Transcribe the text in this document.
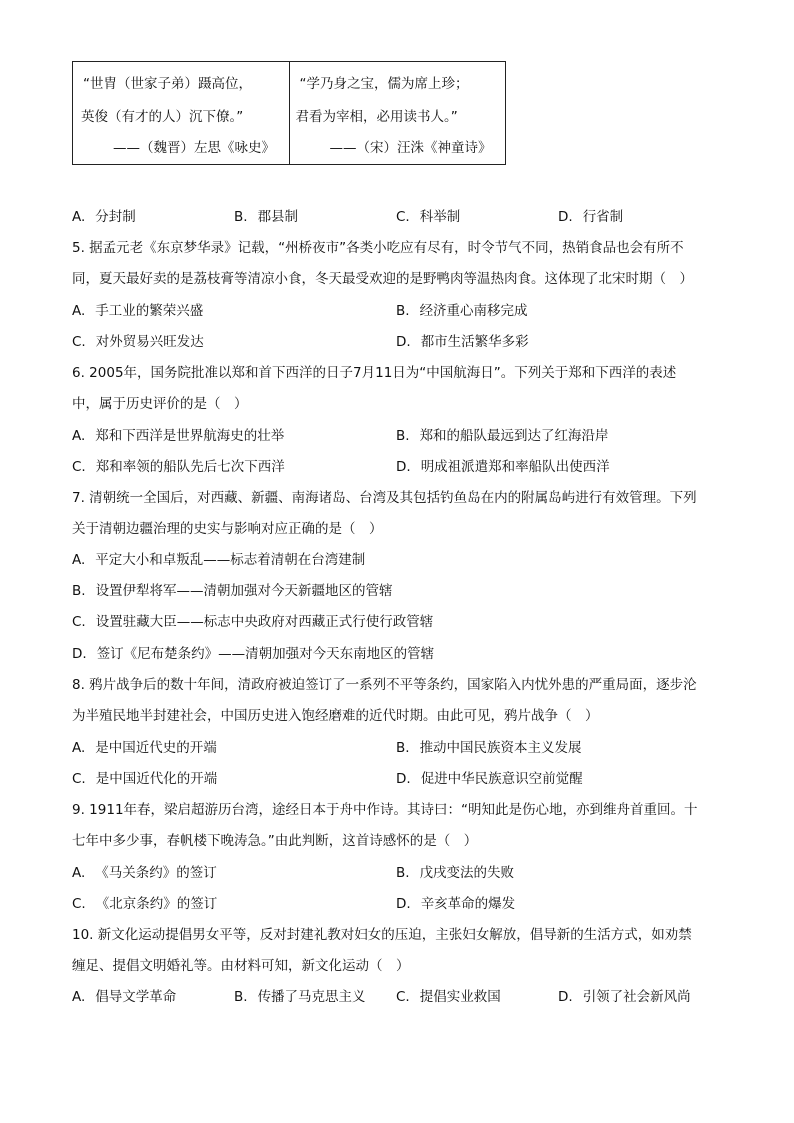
“世胄（世家子弟）蹑高位，
英俊（有才的人）沉下僚。”
——（魏晋）左思《咏史》
“学乃身之宝，儒为席上珍；
君看为宰相，必用读书人。”
——（宋）汪洙《神童诗》
A. 分封制	B. 郡县制	C. 科举制	D. 行省制
5. 据孟元老《东京梦华录》记载，“州桥夜市”各类小吃应有尽有，时令节气不同，热销食品也会有所不
同，夏天最好卖的是荔枝膏等清凉小食，冬天最受欢迎的是野鸭肉等温热肉食。这体现了北宋时期（　）
A. 手工业的繁荣兴盛	B. 经济重心南移完成
C. 对外贸易兴旺发达	D. 都市生活繁华多彩
6. 2005年，国务院批准以郑和首下西洋的日子7月11日为“中国航海日”。下列关于郑和下西洋的表述
中，属于历史评价的是（　）
A. 郑和下西洋是世界航海史的壮举	B. 郑和的船队最远到达了红海沿岸
C. 郑和率领的船队先后七次下西洋	D. 明成祖派遣郑和率船队出使西洋
7. 清朝统一全国后，对西藏、新疆、南海诸岛、台湾及其包括钓鱼岛在内的附属岛屿进行有效管理。下列
关于清朝边疆治理的史实与影响对应正确的是（　）
A. 平定大小和卓叛乱——标志着清朝在台湾建制
B. 设置伊犁将军——清朝加强对今天新疆地区的管辖
C. 设置驻藏大臣——标志中央政府对西藏正式行使行政管辖
D. 签订《尼布楚条约》——清朝加强对今天东南地区的管辖
8. 鸦片战争后的数十年间，清政府被迫签订了一系列不平等条约，国家陷入内忧外患的严重局面，逐步沦
为半殖民地半封建社会，中国历史进入饱经磨难的近代时期。由此可见，鸦片战争（　）
A. 是中国近代史的开端	B. 推动中国民族资本主义发展
C. 是中国近代化的开端	D. 促进中华民族意识空前觉醒
9. 1911年春，梁启超游历台湾，途经日本于舟中作诗。其诗曰：“明知此是伤心地，亦到维舟首重回。十
七年中多少事，春帆楼下晚涛急。”由此判断，这首诗感怀的是（　）
A. 《马关条约》的签订	B. 戊戌变法的失败
C. 《北京条约》的签订	D. 辛亥革命的爆发
10. 新文化运动提倡男女平等，反对封建礼教对妇女的压迫，主张妇女解放，倡导新的生活方式，如劝禁
缠足、提倡文明婚礼等。由材料可知，新文化运动（　）
A. 倡导文学革命	B. 传播了马克思主义 C. 提倡实业救国	D. 引领了社会新风尚
